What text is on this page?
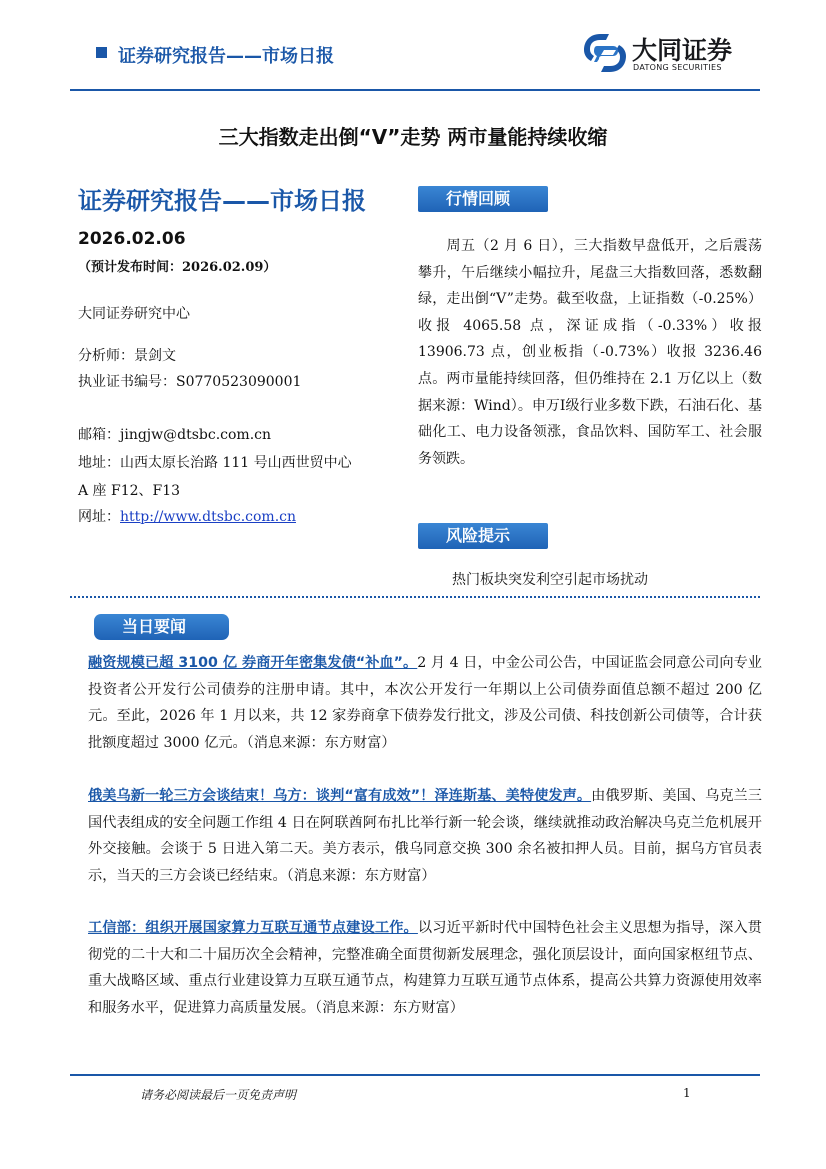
证券研究报告——市场日报	大同证券
DATONG SECURITIES
三大指数走出倒“V”走势 两市量能持续收缩
证券研究报告——市场日报
2026.02.06
（预计发布时间：2026.02.09）
大同证券研究中心
分析师：景剑文
执业证书编号：S0770523090001
邮箱：jingjw@dtsbc.com.cn
地址：山西太原长治路 111 号山西世贸中心
A 座 F12、F13
网址：http://www.dtsbc.com.cn
行情回顾
周五（2 月 6 日），三大指数早盘低开，之后震荡攀升，午后继续小幅拉升，尾盘三大指数回落，悉数翻绿，走出倒“V”走势。截至收盘，上证指数（-0.25%）收报 4065.58 点，深证成指（-0.33%）收报 13906.73 点，创业板指（-0.73%）收报 3236.46 点。两市量能持续回落，但仍维持在 2.1 万亿以上（数据来源：Wind）。申万Ⅰ级行业多数下跌，石油石化、基础化工、电力设备领涨，食品饮料、国防军工、社会服务领跌。
风险提示
热门板块突发利空引起市场扰动
当日要闻
融资规模已超 3100 亿 券商开年密集发债“补血”。2 月 4 日，中金公司公告，中国证监会同意公司向专业投资者公开发行公司债券的注册申请。其中，本次公开发行一年期以上公司债券面值总额不超过 200 亿元。至此，2026 年 1 月以来，共 12 家券商拿下债券发行批文，涉及公司债、科技创新公司债等，合计获批额度超过 3000 亿元。（消息来源：东方财富）
俄美乌新一轮三方会谈结束！乌方：谈判“富有成效”！泽连斯基、美特使发声。由俄罗斯、美国、乌克兰三国代表组成的安全问题工作组 4 日在阿联酋阿布扎比举行新一轮会谈，继续就推动政治解决乌克兰危机展开外交接触。会谈于 5 日进入第二天。美方表示，俄乌同意交换 300 余名被扣押人员。目前，据乌方官员表示，当天的三方会谈已经结束。（消息来源：东方财富）
工信部：组织开展国家算力互联互通节点建设工作。以习近平新时代中国特色社会主义思想为指导，深入贯彻党的二十大和二十届历次全会精神，完整准确全面贯彻新发展理念，强化顶层设计，面向国家枢纽节点、重大战略区域、重点行业建设算力互联互通节点，构建算力互联互通节点体系，提高公共算力资源使用效率和服务水平，促进算力高质量发展。（消息来源：东方财富）
请务必阅读最后一页免责声明	1
